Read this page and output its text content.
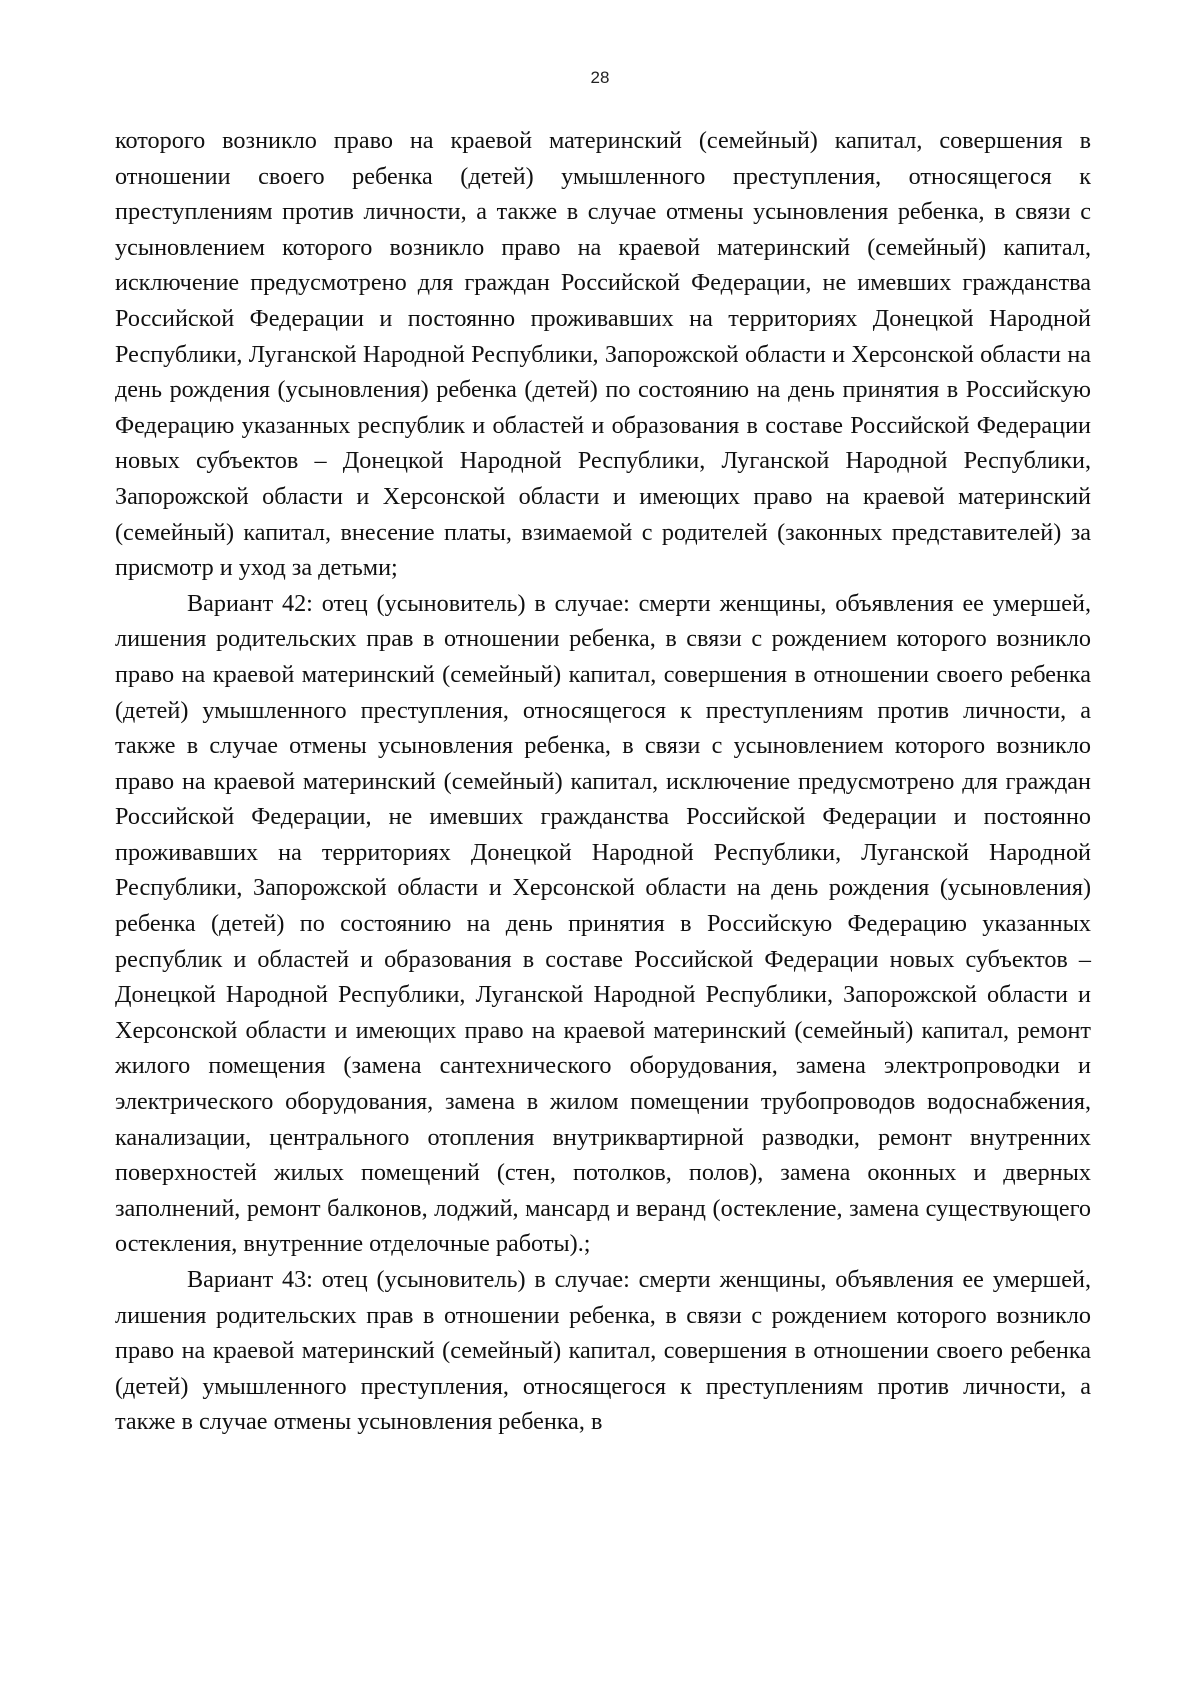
28

которого возникло право на краевой материнский (семейный) капитал, совершения в отношении своего ребенка (детей) умышленного преступления, относящегося к преступлениям против личности, а также в случае отмены усыновления ребенка, в связи с усыновлением которого возникло право на краевой материнский (семейный) капитал, исключение предусмотрено для граждан Российской Федерации, не имевших гражданства Российской Федерации и постоянно проживавших на территориях Донецкой Народной Республики, Луганской Народной Республики, Запорожской области и Херсонской области на день рождения (усыновления) ребенка (детей) по состоянию на день принятия в Российскую Федерацию указанных республик и областей и образования в составе Российской Федерации новых субъектов – Донецкой Народной Республики, Луганской Народной Республики, Запорожской области и Херсонской области и имеющих право на краевой материнский (семейный) капитал, внесение платы, взимаемой с родителей (законных представителей) за присмотр и уход за детьми;

Вариант 42: отец (усыновитель) в случае: смерти женщины, объявления ее умершей, лишения родительских прав в отношении ребенка, в связи с рождением которого возникло право на краевой материнский (семейный) капитал, совершения в отношении своего ребенка (детей) умышленного преступления, относящегося к преступлениям против личности, а также в случае отмены усыновления ребенка, в связи с усыновлением которого возникло право на краевой материнский (семейный) капитал, исключение предусмотрено для граждан Российской Федерации, не имевших гражданства Российской Федерации и постоянно проживавших на территориях Донецкой Народной Республики, Луганской Народной Республики, Запорожской области и Херсонской области на день рождения (усыновления) ребенка (детей) по состоянию на день принятия в Российскую Федерацию указанных республик и областей и образования в составе Российской Федерации новых субъектов – Донецкой Народной Республики, Луганской Народной Республики, Запорожской области и Херсонской области и имеющих право на краевой материнский (семейный) капитал, ремонт жилого помещения (замена сантехнического оборудования, замена электропроводки и электрического оборудования, замена в жилом помещении трубопроводов водоснабжения, канализации, центрального отопления внутриквартирной разводки, ремонт внутренних поверхностей жилых помещений (стен, потолков, полов), замена оконных и дверных заполнений, ремонт балконов, лоджий, мансард и веранд (остекление, замена существующего остекления, внутренние отделочные работы).;

Вариант 43: отец (усыновитель) в случае: смерти женщины, объявления ее умершей, лишения родительских прав в отношении ребенка, в связи с рождением которого возникло право на краевой материнский (семейный) капитал, совершения в отношении своего ребенка (детей) умышленного преступления, относящегося к преступлениям против личности, а также в случае отмены усыновления ребенка, в
